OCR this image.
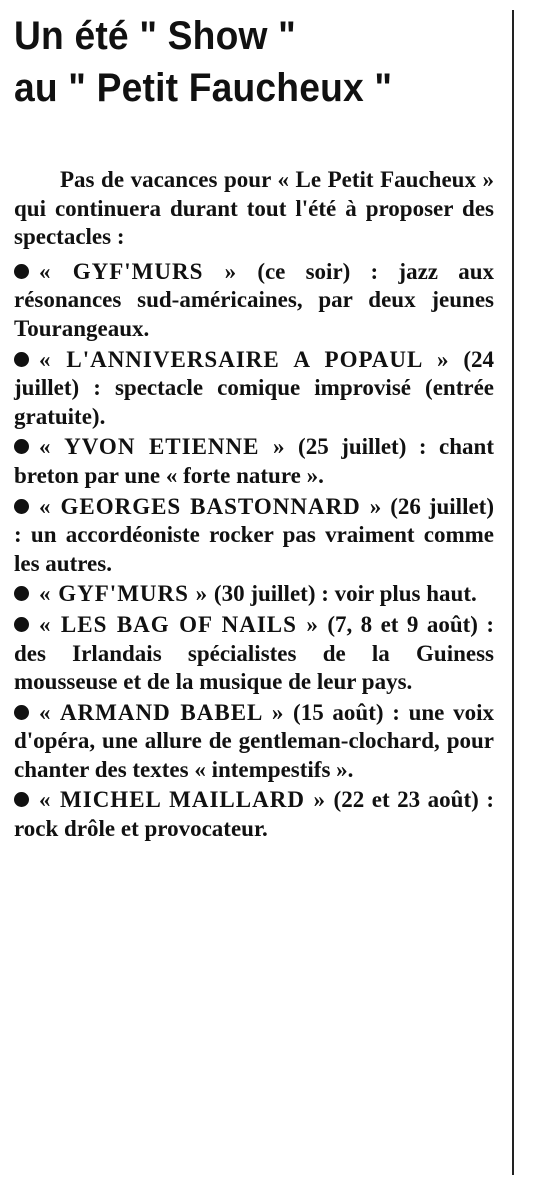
Un été " Show "
au " Petit Faucheux "

Pas de vacances pour « Le Petit Faucheux » qui continuera durant tout l'été à proposer des spectacles :

« GYF'MURS » (ce soir) : jazz aux résonances sud-américaines, par deux jeunes Tourangeaux.

« L'ANNIVERSAIRE A POPAUL » (24 juillet) : spectacle comique improvisé (entrée gratuite).

« YVON ETIENNE » (25 juillet) : chant breton par une « forte nature ».

« GEORGES BASTONNARD » (26 juillet) : un accordéoniste rocker pas vraiment comme les autres.

« GYF'MURS » (30 juillet) : voir plus haut.

« LES BAG OF NAILS » (7, 8 et 9 août) : des Irlandais spécialistes de la Guiness mousseuse et de la musique de leur pays.

« ARMAND BABEL » (15 août) : une voix d'opéra, une allure de gentleman-clochard, pour chanter des textes « intempestifs ».

« MICHEL MAILLARD » (22 et 23 août) : rock drôle et provocateur.
